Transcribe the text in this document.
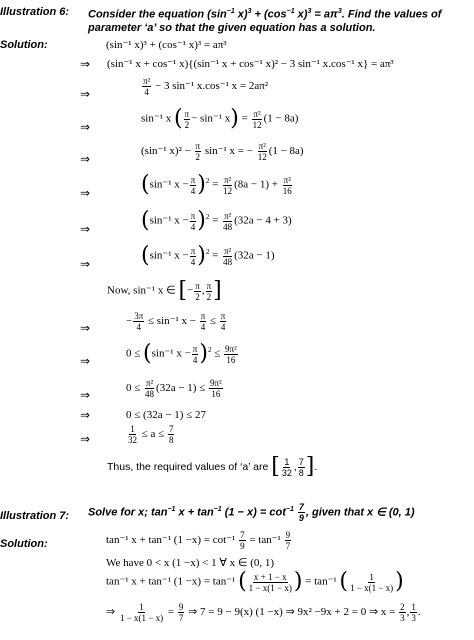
Illustration 6: Consider the equation ($\sin^{-1}$ $x)^3 + (\cos^{-1}$ $x)^3 = a\pi^3$. Find the values of
parameter ‘a’ so that the given equation has a solution.
Solution:	(sin⁻¹ x)³ + (cos⁻¹ x)³ = aπ³
⇒ (sin⁻¹ x + cos⁻¹ x){(sin⁻¹ x + cos⁻¹ x)² − 3 sin⁻¹ x.cos⁻¹ x} = aπ³
⇒	$\frac{\text{π²}}{4} - 3$ sin⁻¹ x.cos⁻¹ x = 2aπ²
⇒
sin⁻¹ x ( $\frac{\pi}{2} - \sin^{-1}$ $x) = \frac{\text{π²}}{12} (1 - 8a)$
⇒
(sin⁻¹ $x)^2 - \frac{\pi}{2} \sin^{-1}$ x = − $\frac{\text{π²}}{12} (1 - 8a)$
⇒ (sin⁻¹ $x - \frac{\pi}{4} )^2 = \frac{\text{π²}}{12} (8a - 1) + \frac{\text{π²}}{16}$
⇒ (sin⁻¹ $x - \frac{\pi}{4} )^2 = \frac{\text{π²}}{48} (32a - 4 + 3)$
⇒ (sin⁻¹ $x - \frac{\pi}{4} )^2 = \frac{\text{π²}}{48} (32a - 1)$
Now, sin⁻¹ x ∈ [− $\frac{\pi}{2}$ , $\frac{\pi}{2}$ ]
⇒	− $\frac{3\pi}{4} \le \sin^{-1}$ $x - \frac{\pi}{4} \le \frac{\pi}{4}$
⇒
0 ≤ (sin⁻¹ $x - \frac{\pi}{4} )^2 \le \frac{\text{9π²}}{16}$
⇒	$0 \le \frac{\text{π²}}{48} (32a - 1) \le \frac{\text{9π²}}{16}$
⇒	0 ≤ (32a − 1) ≤ 27
⇒	$\frac{1}{32} \le a \le \frac{7}{8}$
Thus, the required values of ‘a’ are [ $\frac{1}{32}$ , $\frac{7}{8}$ ].
Illustration 7: Solve for x; $\tan^{-1} x + \tan^{-1} (1 - x) = \cot^{-1} \frac{7}{9}$ , given that x ∈ (0, 1)
Solution:	tan⁻¹ x + tan⁻¹ $(1 -x) = \cot^{-1} \frac{7}{9} = \tan^{-1} \frac{9}{7}$
We have 0 < x (1 −x) < 1 ∀ x ∈ (0, 1)
tan⁻¹ x + tan⁻¹ (1 −x) = tan⁻¹ ( $\frac{x + 1 - x}{1 - x(1 - x)}$ ) = tan⁻¹ ( $\frac{1}{1 - x(1 - x)}$ )
⇒ $\frac{1}{1 - x(1 - x)} = \frac{9}{7}$ ⇒ 7 = 9 − 9(x) (1 −x) ⇒ 9x² −9x + 2 = 0 ⇒ $x = \frac{2}{3}$ , $\frac{1}{3}$ .
